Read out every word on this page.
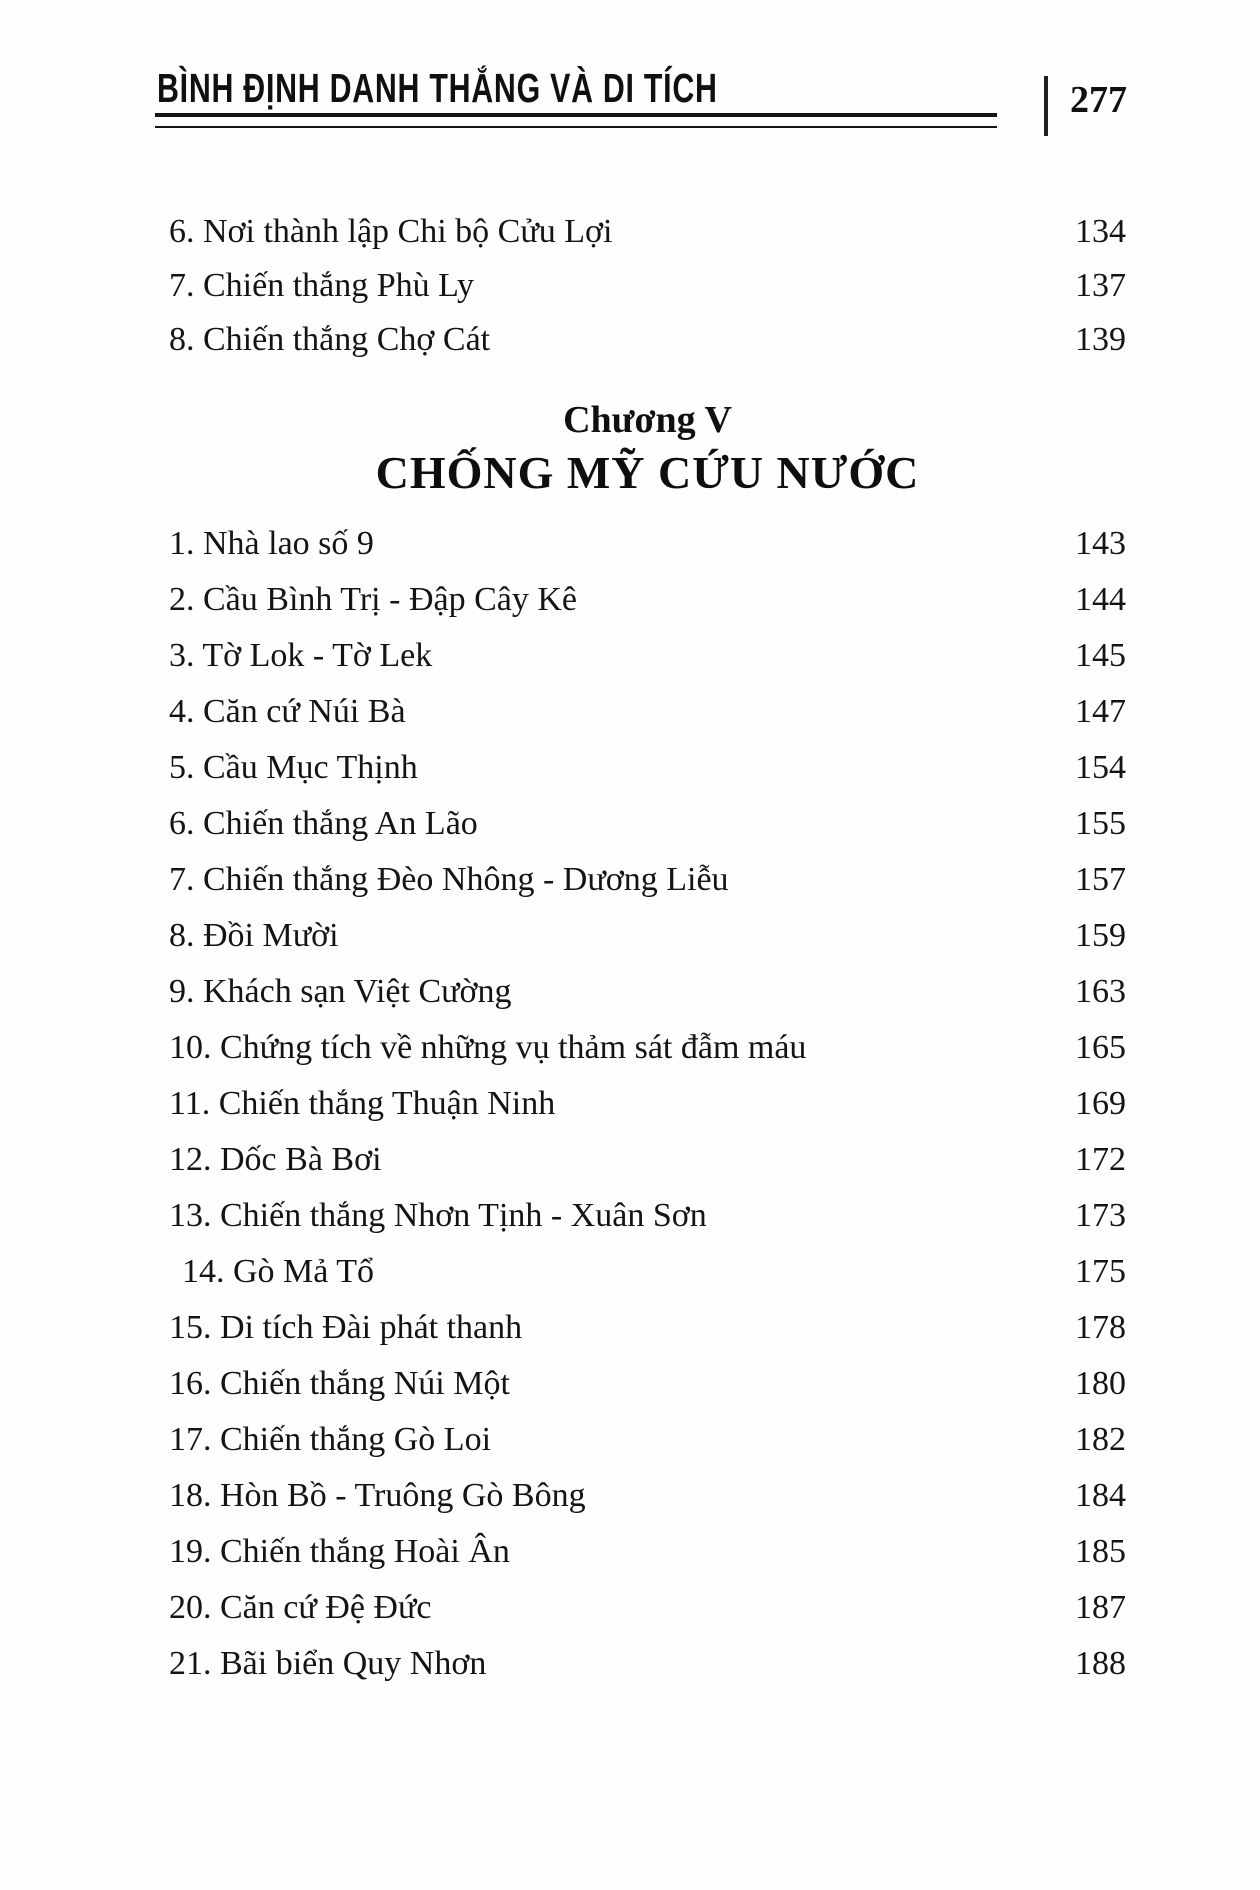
BÌNH ĐỊNH DANH THẮNG VÀ DI TÍCH	277
6. Nơi thành lập Chi bộ Cửu Lợi	134
7. Chiến thắng Phù Ly	137
8. Chiến thắng Chợ Cát	139
Chương V
CHỐNG MỸ CỨU NƯỚC
1. Nhà lao số 9	143
2. Cầu Bình Trị - Đập Cây Kê	144
3. Tờ Lok - Tờ Lek	145
4. Căn cứ Núi Bà	147
5. Cầu Mục Thịnh	154
6. Chiến thắng An Lão	155
7. Chiến thắng Đèo Nhông - Dương Liễu	157
8. Đồi Mười	159
9. Khách sạn Việt Cường	163
10. Chứng tích về những vụ thảm sát đẫm máu	165
11. Chiến thắng Thuận Ninh	169
12. Dốc Bà Bơi	172
13. Chiến thắng Nhơn Tịnh - Xuân Sơn	173
14. Gò Mả Tổ	175
15. Di tích Đài phát thanh	178
16. Chiến thắng Núi Một	180
17. Chiến thắng Gò Loi	182
18. Hòn Bồ - Truông Gò Bông	184
19. Chiến thắng Hoài Ân	185
20. Căn cứ Đệ Đức	187
21. Bãi biển Quy Nhơn	188
